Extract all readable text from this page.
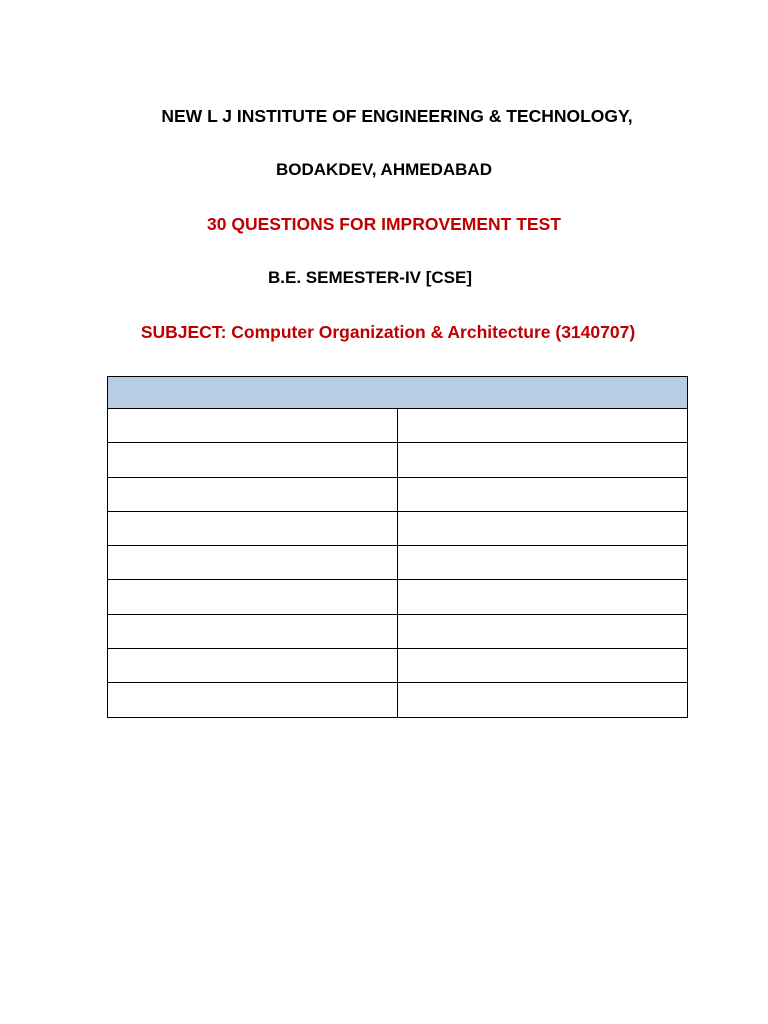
NEW L J INSTITUTE OF ENGINEERING & TECHNOLOGY,
BODAKDEV, AHMEDABAD
30 QUESTIONS FOR IMPROVEMENT TEST
B.E. SEMESTER-IV [CSE]
SUBJECT: Computer Organization & Architecture (3140707)
